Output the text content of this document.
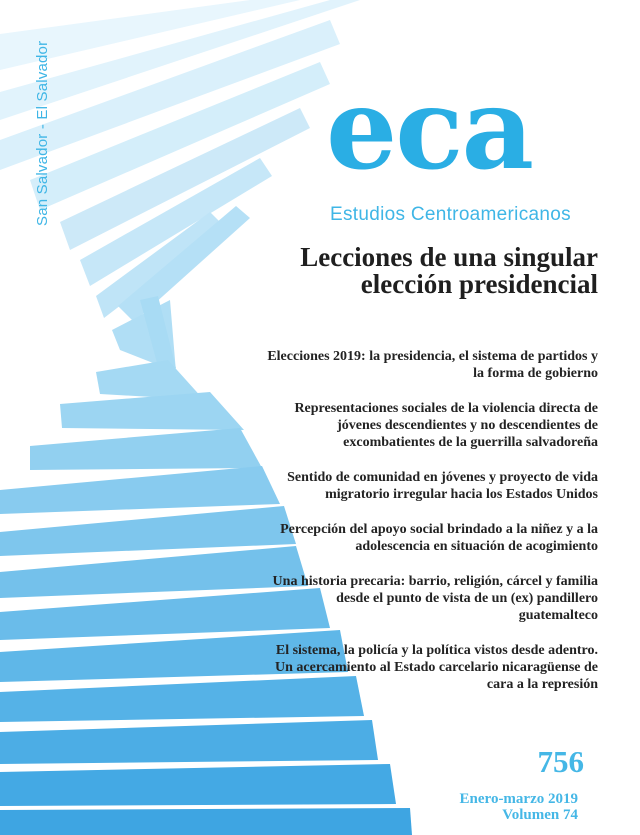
San Salvador - El Salvador eca
Estudios Centroamericanos
Lecciones de una singular elección presidencial
Elecciones 2019: la presidencia, el sistema de partidos y la forma de gobierno
Representaciones sociales de la violencia directa de jóvenes descendientes y no descendientes de excombatientes de la guerrilla salvadoreña
Sentido de comunidad en jóvenes y proyecto de vida migratorio irregular hacia los Estados Unidos
Percepción del apoyo social brindado a la niñez y a la adolescencia en situación de acogimiento
Una historia precaria: barrio, religión, cárcel y familia desde el punto de vista de un (ex) pandillero guatemalteco
El sistema, la policía y la política vistos desde adentro. Un acercamiento al Estado carcelario nicaragüense de cara a la represión
756
Enero-marzo 2019
Volumen 74
